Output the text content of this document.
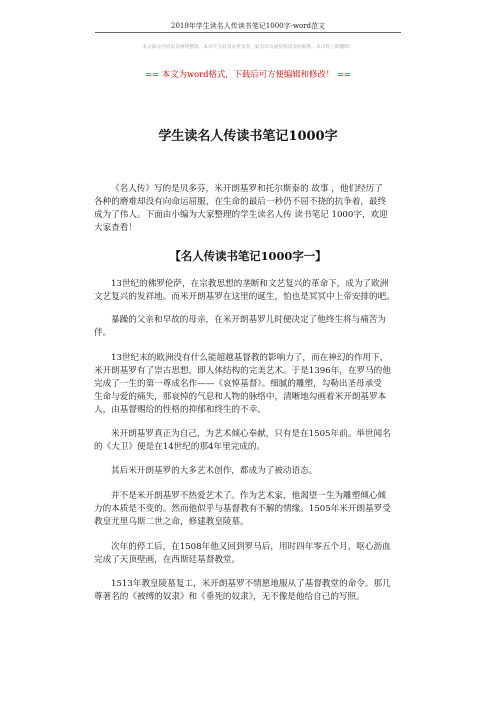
2019年学生读名人传读书笔记1000字-word范文
本文部分内容来自网络整理，本司不为其真实性负责，如有异议或侵权请及时联系，本司将立即删除！
== 本文为word格式，下载后可方便编辑和修改！ ==
学生读名人传读书笔记1000字

《名人传》写的是贝多芬，米开朗基罗和托尔斯泰的 故事 ，他们经历了
各种的磨难却没有向命运屈服，在生命的最后一秒仍不屈不挠的抗争着，最终
成为了伟人。下面由小编为大家整理的学生读名人传 读书笔记 1000字，欢迎
大家查看！

【名人传读书笔记1000字一】

13世纪的佛罗伦萨，在宗教思想的垄断和文艺复兴的革命下，成为了欧洲
文艺复兴的发祥地。而米开朗基罗在这里的诞生，怕也是冥冥中上帝安排的吧。

暴躁的父亲和早故的母亲，在米开朗基罗儿时便决定了他终生将与痛苦为
伴。

13世纪末的欧洲没有什么能超越基督教的影响力了，而在神幻的作用下，
米开朗基罗有了崇古思想，即人体结构的完美艺术。于是1396年，在罗马的他
完成了一生的第一尊成名作——《哀悼基督》。细腻的雕塑，勾勒出圣母承受
生命与爱的痛失，那哀悼的气息和人物的脉络中，清晰地勾画着米开朗基罗本
人，由基督赐给的性格的抑郁和终生的不幸。

米开朗基罗真正为自己，为艺术倾心奉献，只有是在1505年前。举世闻名
的《大卫》便是在14世纪的那4年里完成的。

其后米开朗基罗的大多艺术创作，都成为了被动语态。

并不是米开朗基罗不热爱艺术了。作为艺术家，他渴望一生为雕塑倾心倾
力的本质是不变的。然而他似乎与基督教有不解的情缘。1505年米开朗基罗受
教皇尤里乌斯二世之命，修建教皇陵墓。

次年的停工后，在1508年他又回到罗马后，用时四年零五个月，呕心沥血
完成了天顶壁画，在西斯廷基督教堂。

1513年教皇陵墓复工，米开朗基罗不情愿地服从了基督教堂的命令。那几
尊著名的《被缚的奴隶》和《垂死的奴隶》，无不像是他给自己的写照。
